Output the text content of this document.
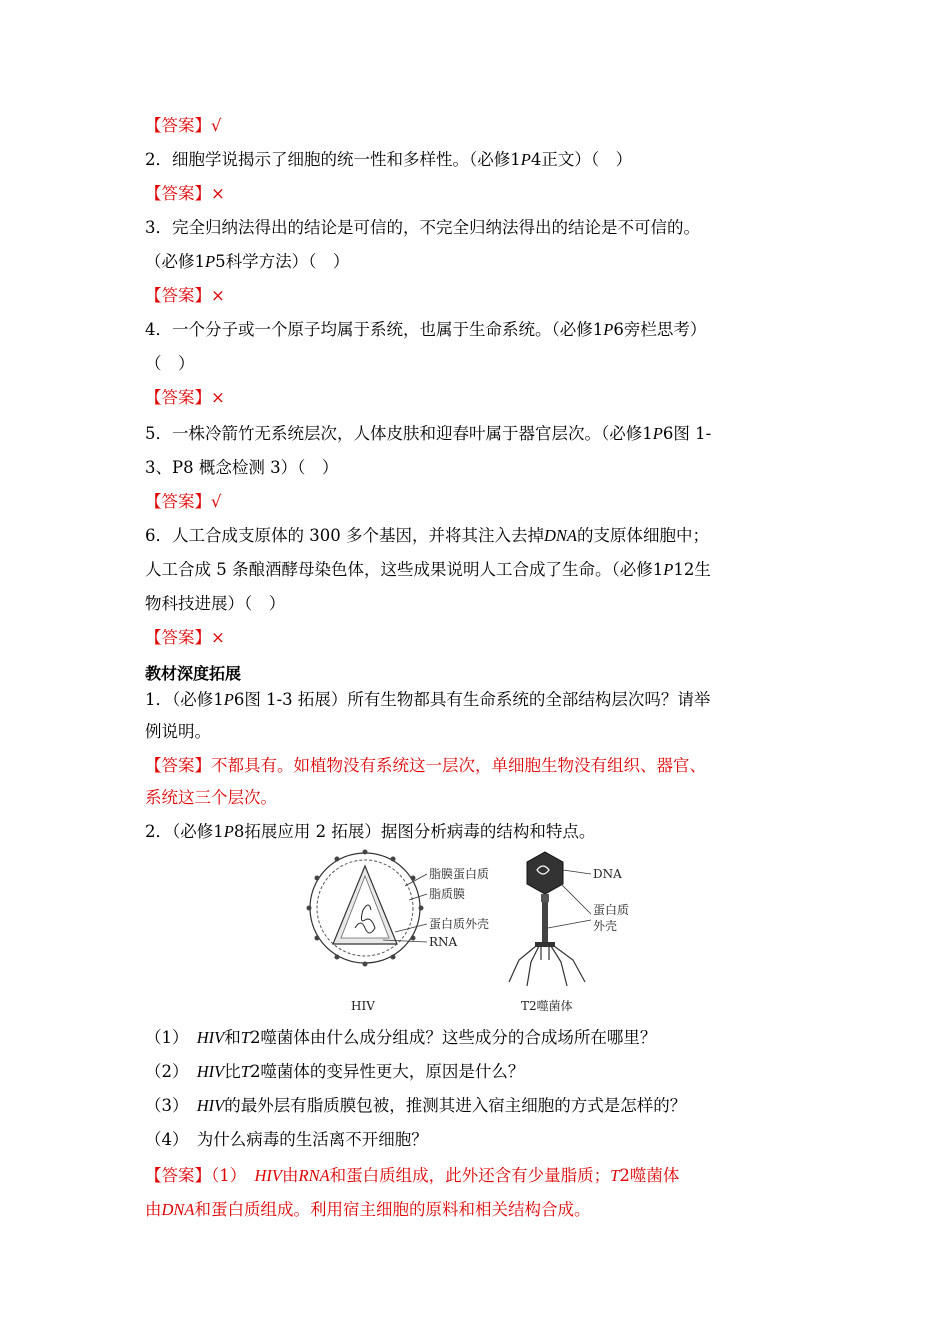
【答案】√
2．细胞学说揭示了细胞的统一性和多样性。（必修1P4正文）（　）
【答案】×
3．完全归纳法得出的结论是可信的，不完全归纳法得出的结论是不可信的。
（必修1P5科学方法）（　）
【答案】×
4．一个分子或一个原子均属于系统，也属于生命系统。（必修1P6旁栏思考）
（　）
【答案】×
5．一株冷箭竹无系统层次，人体皮肤和迎春叶属于器官层次。（必修1P6图 1-
3、P8 概念检测 3）（　）
【答案】√
6．人工合成支原体的 300 多个基因，并将其注入去掉DNA的支原体细胞中；
人工合成 5 条酿酒酵母染色体，这些成果说明人工合成了生命。（必修1P12生
物科技进展）（　）
【答案】×
教材深度拓展
1．（必修1P6图 1-3 拓展）所有生物都具有生命系统的全部结构层次吗？请举
例说明。
【答案】不都具有。如植物没有系统这一层次，单细胞生物没有组织、器官、
系统这三个层次。
2．（必修1P8拓展应用 2 拓展）据图分析病毒的结构和特点。
脂膜蛋白质
脂质膜
蛋白质外壳
RNA
HIV
DNA
蛋白质
外壳
T2噬菌体
（1）　 HIV和T2噬菌体由什么成分组成？这些成分的合成场所在哪里？
（2）　 HIV比T2噬菌体的变异性更大，原因是什么？
（3）　 HIV的最外层有脂质膜包被，推测其进入宿主细胞的方式是怎样的？
（4）　为什么病毒的生活离不开细胞？
【答案】（1）　HIV由RNA和蛋白质组成，此外还含有少量脂质；T2噬菌体
由DNA和蛋白质组成。利用宿主细胞的原料和相关结构合成。
